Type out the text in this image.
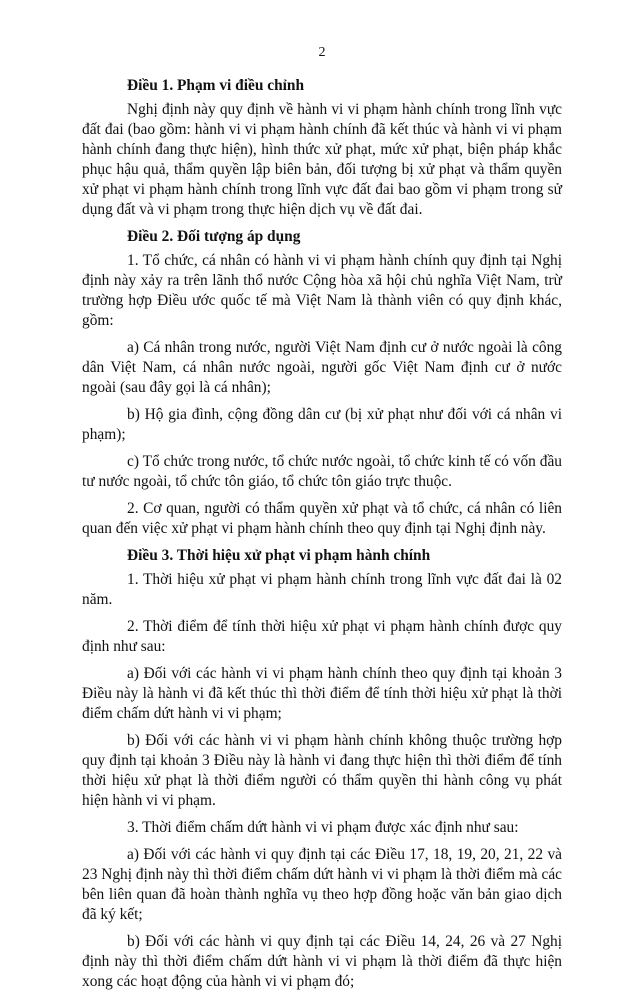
2

Điều 1. Phạm vi điều chỉnh

Nghị định này quy định về hành vi vi phạm hành chính trong lĩnh vực đất đai (bao gồm: hành vi vi phạm hành chính đã kết thúc và hành vi vi phạm hành chính đang thực hiện), hình thức xử phạt, mức xử phạt, biện pháp khắc phục hậu quả, thẩm quyền lập biên bản, đối tượng bị xử phạt và thẩm quyền xử phạt vi phạm hành chính trong lĩnh vực đất đai bao gồm vi phạm trong sử dụng đất và vi phạm trong thực hiện dịch vụ về đất đai.

Điều 2. Đối tượng áp dụng

1. Tổ chức, cá nhân có hành vi vi phạm hành chính quy định tại Nghị định này xảy ra trên lãnh thổ nước Cộng hòa xã hội chủ nghĩa Việt Nam, trừ trường hợp Điều ước quốc tế mà Việt Nam là thành viên có quy định khác, gồm:

a) Cá nhân trong nước, người Việt Nam định cư ở nước ngoài là công dân Việt Nam, cá nhân nước ngoài, người gốc Việt Nam định cư ở nước ngoài (sau đây gọi là cá nhân);

b) Hộ gia đình, cộng đồng dân cư (bị xử phạt như đối với cá nhân vi phạm);

c) Tổ chức trong nước, tổ chức nước ngoài, tổ chức kinh tế có vốn đầu tư nước ngoài, tổ chức tôn giáo, tổ chức tôn giáo trực thuộc.

2. Cơ quan, người có thẩm quyền xử phạt và tổ chức, cá nhân có liên quan đến việc xử phạt vi phạm hành chính theo quy định tại Nghị định này.

Điều 3. Thời hiệu xử phạt vi phạm hành chính

1. Thời hiệu xử phạt vi phạm hành chính trong lĩnh vực đất đai là 02 năm.

2. Thời điểm để tính thời hiệu xử phạt vi phạm hành chính được quy định như sau:

a) Đối với các hành vi vi phạm hành chính theo quy định tại khoản 3 Điều này là hành vi đã kết thúc thì thời điểm để tính thời hiệu xử phạt là thời điểm chấm dứt hành vi vi phạm;

b) Đối với các hành vi vi phạm hành chính không thuộc trường hợp quy định tại khoản 3 Điều này là hành vi đang thực hiện thì thời điểm để tính thời hiệu xử phạt là thời điểm người có thẩm quyền thi hành công vụ phát hiện hành vi vi phạm.

3. Thời điểm chấm dứt hành vi vi phạm được xác định như sau:

a) Đối với các hành vi quy định tại các Điều 17, 18, 19, 20, 21, 22 và 23 Nghị định này thì thời điểm chấm dứt hành vi vi phạm là thời điểm mà các bên liên quan đã hoàn thành nghĩa vụ theo hợp đồng hoặc văn bản giao dịch đã ký kết;

b) Đối với các hành vi quy định tại các Điều 14, 24, 26 và 27 Nghị định này thì thời điểm chấm dứt hành vi vi phạm là thời điểm đã thực hiện xong các hoạt động của hành vi vi phạm đó;
